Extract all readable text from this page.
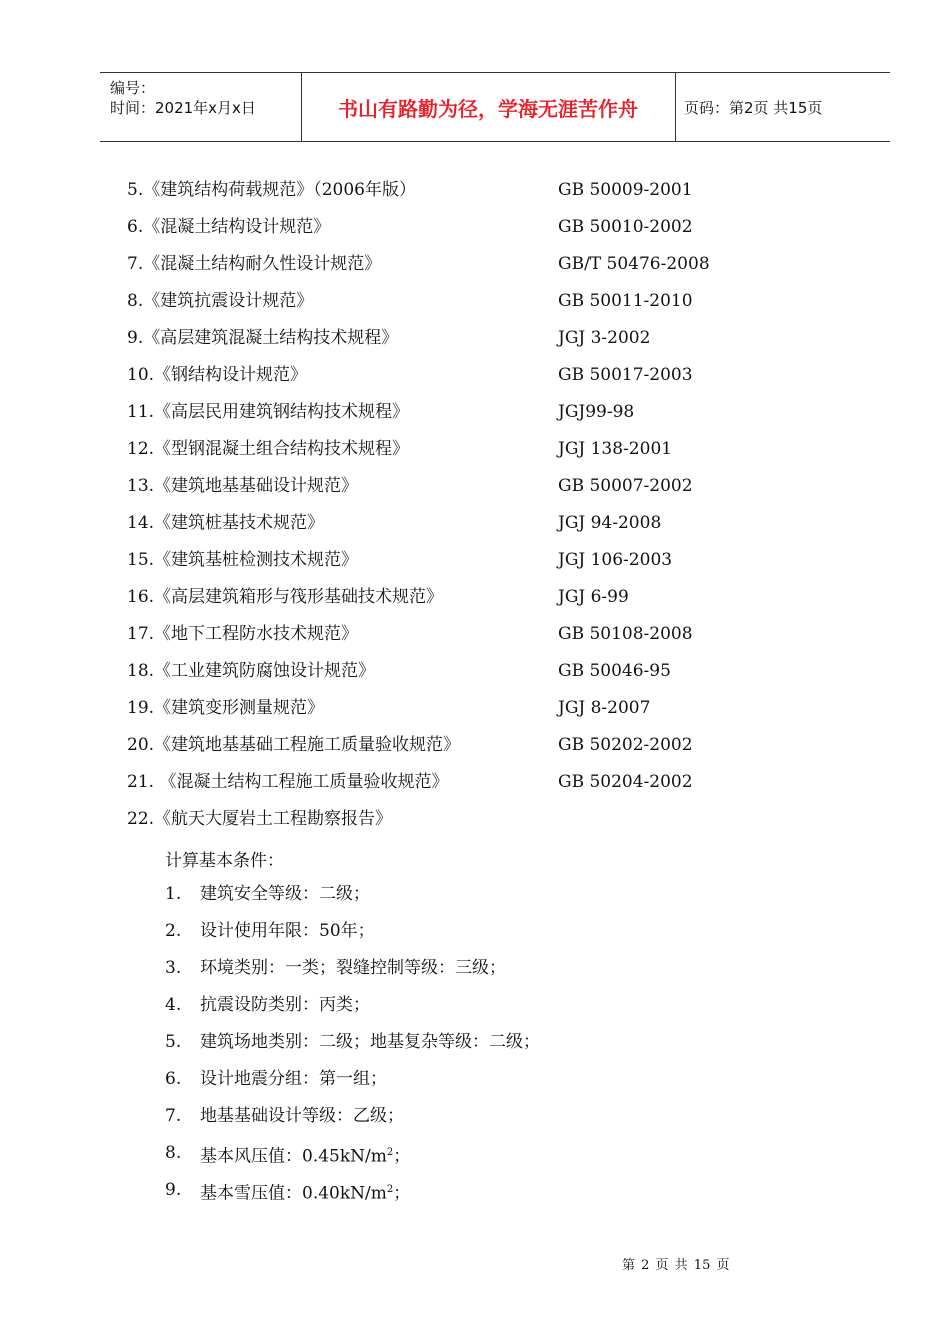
编号：
时间：2021年x月x日	书山有路勤为径，学海无涯苦作舟	页码：第2页 共15页
5.《建筑结构荷载规范》（2006年版）	GB 50009-2001
6.《混凝土结构设计规范》	GB 50010-2002
7.《混凝土结构耐久性设计规范》	GB/T 50476-2008
8.《建筑抗震设计规范》	GB 50011-2010
9.《高层建筑混凝土结构技术规程》	JGJ 3-2002
10.《钢结构设计规范》	GB 50017-2003
11.《高层民用建筑钢结构技术规程》	JGJ99-98
12.《型钢混凝土组合结构技术规程》	JGJ 138-2001
13.《建筑地基基础设计规范》	GB 50007-2002
14.《建筑桩基技术规范》	JGJ 94-2008
15.《建筑基桩检测技术规范》	JGJ 106-2003
16.《高层建筑箱形与筏形基础技术规范》	JGJ 6-99
17.《地下工程防水技术规范》	GB 50108-2008
18.《工业建筑防腐蚀设计规范》	GB 50046-95
19.《建筑变形测量规范》	JGJ 8-2007
20.《建筑地基基础工程施工质量验收规范》	GB 50202-2002
21. 《混凝土结构工程施工质量验收规范》	GB 50204-2002
22.《航天大厦岩土工程勘察报告》
计算基本条件：
1. 建筑安全等级：二级；
2. 设计使用年限：50年；
3. 环境类别：一类；裂缝控制等级：三级；
4. 抗震设防类别：丙类；
5. 建筑场地类别：二级；地基复杂等级：二级；
6. 设计地震分组：第一组；
7. 地基基础设计等级：乙级；
8. 基本风压值：$0.45kN/m^2$；
9. 基本雪压值：$0.40kN/m^2$；
第 2 页 共 15 页
